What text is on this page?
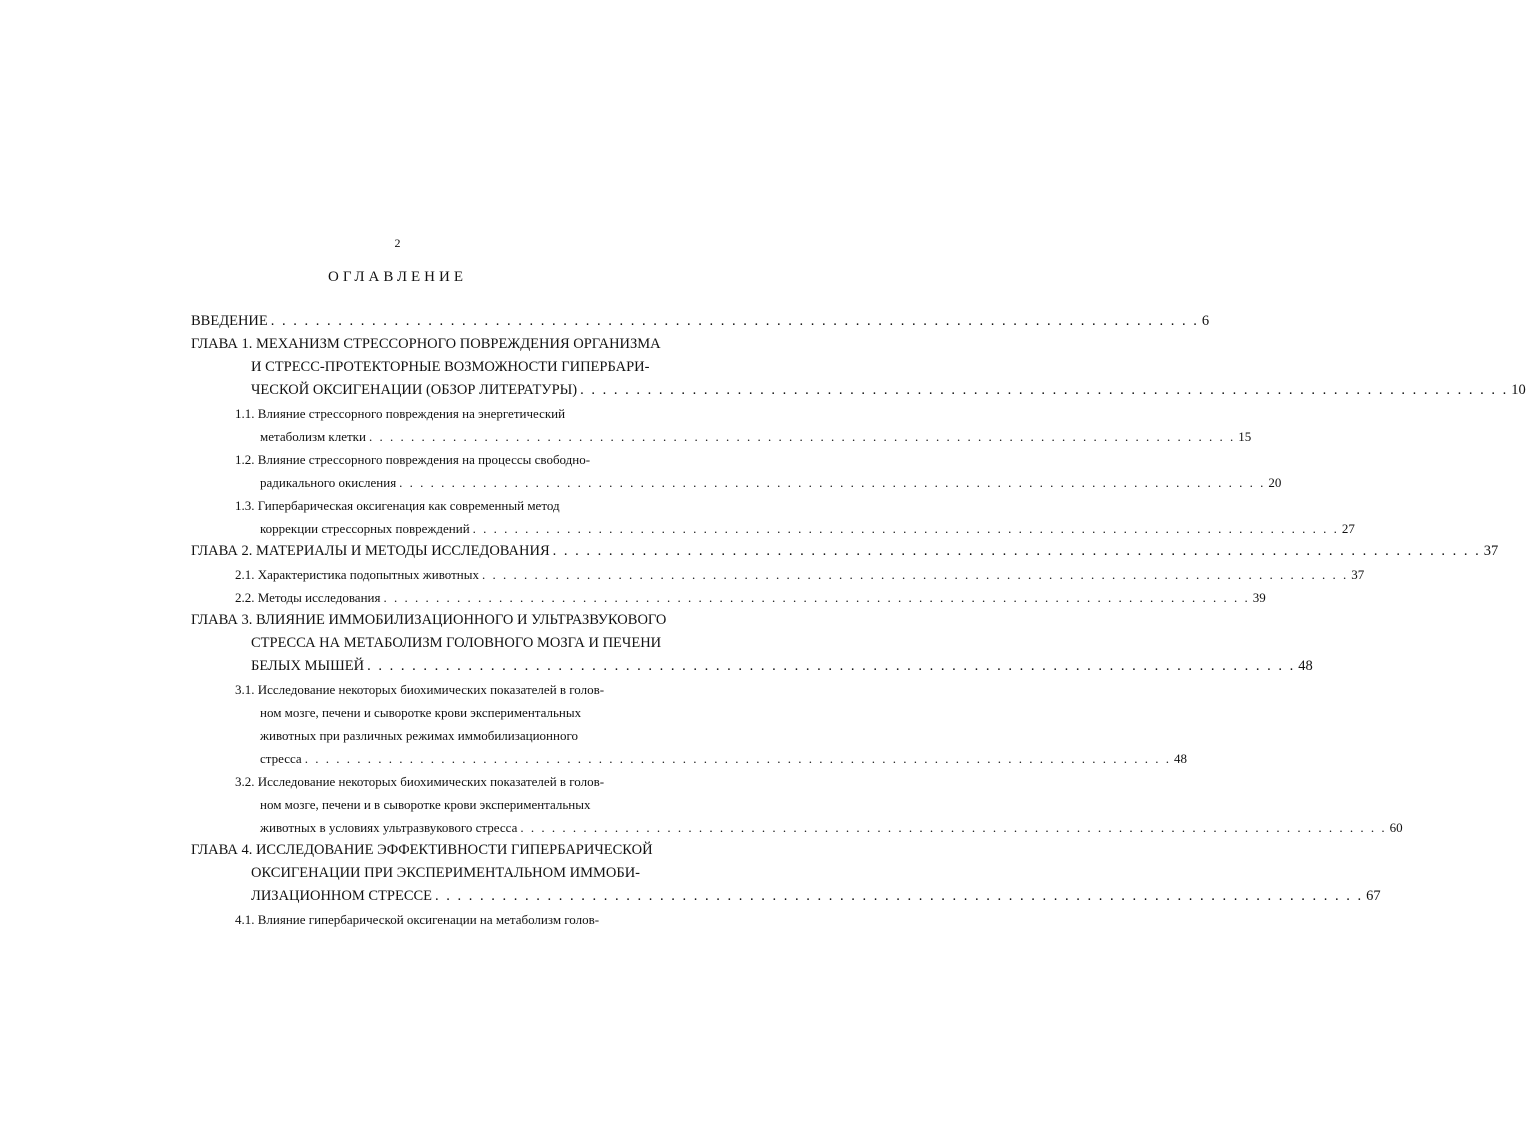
2
ОГЛАВЛЕНИЕ
ВВЕДЕНИЕ . . . . . . . . . . . . . . . . . . . . . . . . . . . . . . . . . . . . . . . . . . . . . . . . . . . . . . . . . . . . . . . . . . . . . . . . . . . . . . . . . . . 6
ГЛАВА 1. МЕХАНИЗМ СТРЕССОРНОГО ПОВРЕЖДЕНИЯ ОРГАНИЗМА
И СТРЕСС-ПРОТЕКТОРНЫЕ ВОЗМОЖНОСТИ ГИПЕРБАРИ-
ЧЕСКОЙ ОКСИГЕНАЦИИ (ОБЗОР ЛИТЕРАТУРЫ) . . . . . . . . . . . . . . . . . . . . . . . . . . . . . . . . . . . . . . . . . . . . . . . . . . . . . . . . . . . . . . . . . . . . . . . . . . . . . . . . . . . 10
1.1. Влияние стрессорного повреждения на энергетический
метаболизм клетки . . . . . . . . . . . . . . . . . . . . . . . . . . . . . . . . . . . . . . . . . . . . . . . . . . . . . . . . . . . . . . . . . . . . . . . . . . . . . . . . . . . 15
1.2. Влияние стрессорного повреждения на процессы свободно-
радикального окисления . . . . . . . . . . . . . . . . . . . . . . . . . . . . . . . . . . . . . . . . . . . . . . . . . . . . . . . . . . . . . . . . . . . . . . . . . . . . . . . . . . . 20
1.3. Гипербарическая оксигенация как современный метод
коррекции стрессорных повреждений . . . . . . . . . . . . . . . . . . . . . . . . . . . . . . . . . . . . . . . . . . . . . . . . . . . . . . . . . . . . . . . . . . . . . . . . . . . . . . . . . . . 27
ГЛАВА 2. МАТЕРИАЛЫ И МЕТОДЫ ИССЛЕДОВАНИЯ . . . . . . . . . . . . . . . . . . . . . . . . . . . . . . . . . . . . . . . . . . . . . . . . . . . . . . . . . . . . . . . . . . . . . . . . . . . . . . . . . . . 37
2.1. Характеристика подопытных животных . . . . . . . . . . . . . . . . . . . . . . . . . . . . . . . . . . . . . . . . . . . . . . . . . . . . . . . . . . . . . . . . . . . . . . . . . . . . . . . . . . . 37
2.2. Методы исследования . . . . . . . . . . . . . . . . . . . . . . . . . . . . . . . . . . . . . . . . . . . . . . . . . . . . . . . . . . . . . . . . . . . . . . . . . . . . . . . . . . . 39
ГЛАВА 3. ВЛИЯНИЕ ИММОБИЛИЗАЦИОННОГО И УЛЬТРАЗВУКОВОГО
СТРЕССА НА МЕТАБОЛИЗМ ГОЛОВНОГО МОЗГА И ПЕЧЕНИ
БЕЛЫХ МЫШЕЙ . . . . . . . . . . . . . . . . . . . . . . . . . . . . . . . . . . . . . . . . . . . . . . . . . . . . . . . . . . . . . . . . . . . . . . . . . . . . . . . . . . . 48
3.1. Исследование некоторых биохимических показателей в голов-
ном мозге, печени и сыворотке крови экспериментальных
животных при различных режимах иммобилизационного
стресса . . . . . . . . . . . . . . . . . . . . . . . . . . . . . . . . . . . . . . . . . . . . . . . . . . . . . . . . . . . . . . . . . . . . . . . . . . . . . . . . . . . 48
3.2. Исследование некоторых биохимических показателей в голов-
ном мозге, печени и в сыворотке крови экспериментальных
животных в условиях ультразвукового стресса . . . . . . . . . . . . . . . . . . . . . . . . . . . . . . . . . . . . . . . . . . . . . . . . . . . . . . . . . . . . . . . . . . . . . . . . . . . . . . . . . . . 60
ГЛАВА 4. ИССЛЕДОВАНИЕ ЭФФЕКТИВНОСТИ ГИПЕРБАРИЧЕСКОЙ
ОКСИГЕНАЦИИ ПРИ ЭКСПЕРИМЕНТАЛЬНОМ ИММОБИ-
ЛИЗАЦИОННОМ СТРЕССЕ . . . . . . . . . . . . . . . . . . . . . . . . . . . . . . . . . . . . . . . . . . . . . . . . . . . . . . . . . . . . . . . . . . . . . . . . . . . . . . . . . . . 67
4.1. Влияние гипербарической оксигенации на метаболизм голов-
